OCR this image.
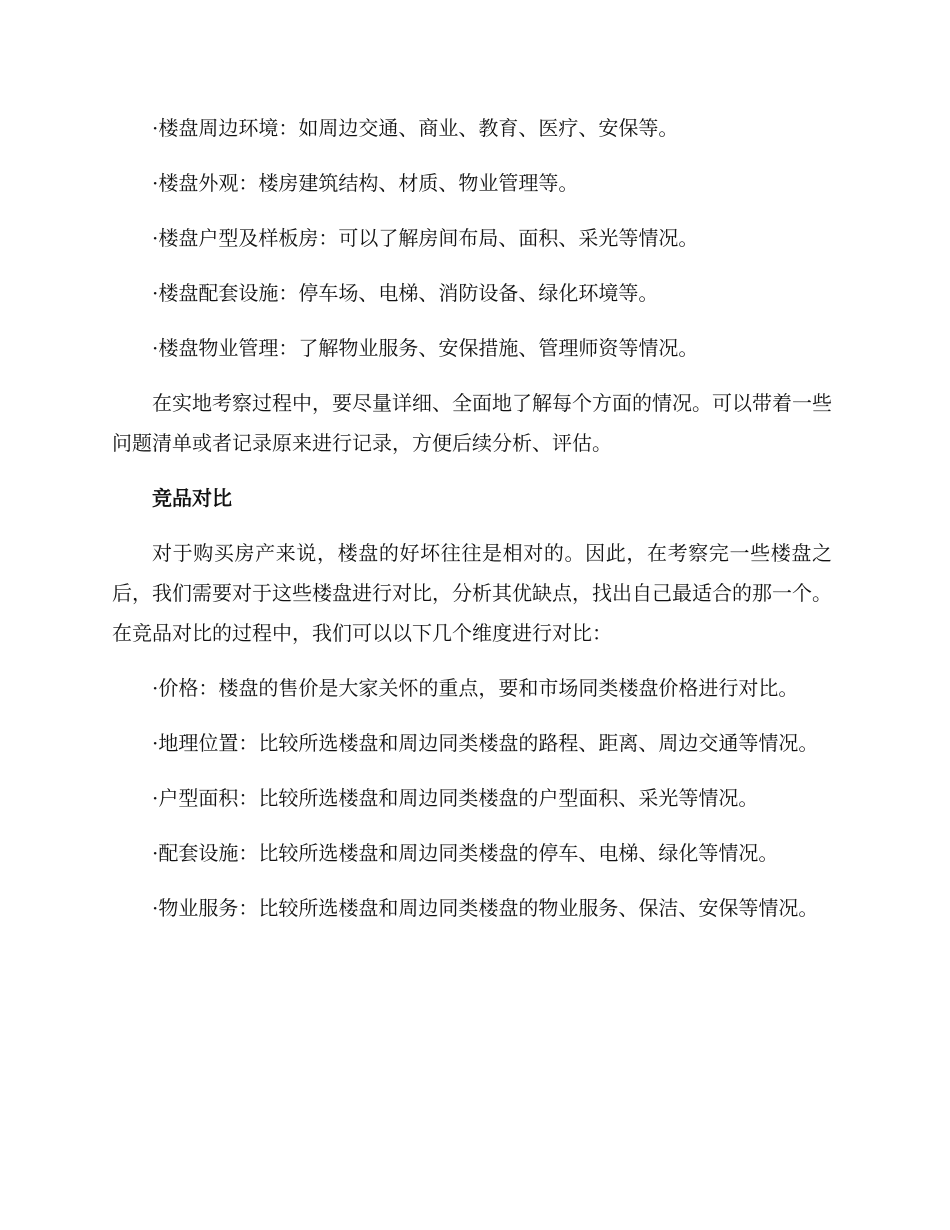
·楼盘周边环境：如周边交通、商业、教育、医疗、安保等。

·楼盘外观：楼房建筑结构、材质、物业管理等。

·楼盘户型及样板房：可以了解房间布局、面积、采光等情况。

·楼盘配套设施：停车场、电梯、消防设备、绿化环境等。

·楼盘物业管理：了解物业服务、安保措施、管理师资等情况。

在实地考察过程中，要尽量详细、全面地了解每个方面的情况。可以带着一些问题清单或者记录原来进行记录，方便后续分析、评估。

竞品对比

对于购买房产来说，楼盘的好坏往往是相对的。因此，在考察完一些楼盘之后，我们需要对于这些楼盘进行对比，分析其优缺点，找出自己最适合的那一个。在竞品对比的过程中，我们可以以下几个维度进行对比：

·价格：楼盘的售价是大家关怀的重点，要和市场同类楼盘价格进行对比。

·地理位置：比较所选楼盘和周边同类楼盘的路程、距离、周边交通等情况。

·户型面积：比较所选楼盘和周边同类楼盘的户型面积、采光等情况。

·配套设施：比较所选楼盘和周边同类楼盘的停车、电梯、绿化等情况。

·物业服务：比较所选楼盘和周边同类楼盘的物业服务、保洁、安保等情况。
